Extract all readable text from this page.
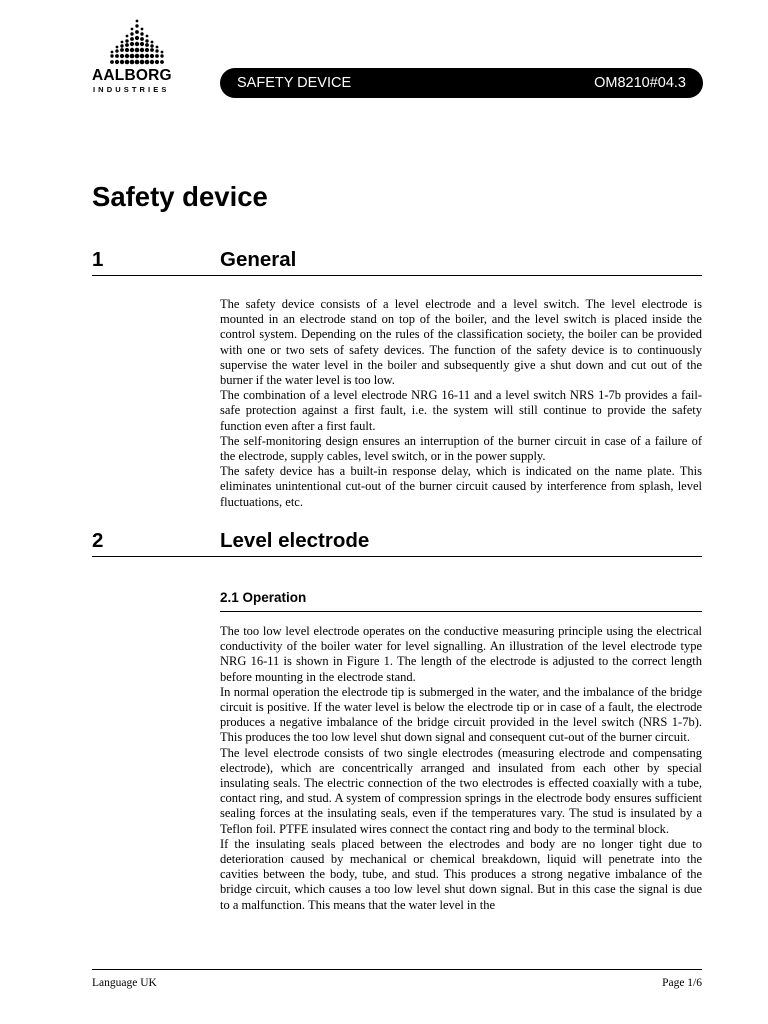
AALBORG
INDUSTRIES	SAFETY DEVICE	OM8210#04.3
Safety device
1	General

The safety device consists of a level electrode and a level switch. The level electrode is mounted in an electrode stand on top of the boiler, and the level switch is placed inside the control system. Depending on the rules of the classification society, the boiler can be provided with one or two sets of safety devices. The function of the safety device is to continuously supervise the water level in the boiler and subsequently give a shut down and cut out of the burner if the water level is too low.

The combination of a level electrode NRG 16-11 and a level switch NRS 1-7b provides a fail-safe protection against a first fault, i.e. the system will still continue to provide the safety function even after a first fault.

The self-monitoring design ensures an interruption of the burner circuit in case of a failure of the electrode, supply cables, level switch, or in the power supply.

The safety device has a built-in response delay, which is indicated on the name plate. This eliminates unintentional cut-out of the burner circuit caused by interference from splash, level fluctuations, etc.

2	Level electrode
2.1 Operation

The too low level electrode operates on the conductive measuring principle using the electrical conductivity of the boiler water for level signalling. An illustration of the level electrode type NRG 16-11 is shown in Figure 1. The length of the electrode is adjusted to the correct length before mounting in the electrode stand.

In normal operation the electrode tip is submerged in the water, and the imbalance of the bridge circuit is positive. If the water level is below the electrode tip or in case of a fault, the electrode produces a negative imbalance of the bridge circuit provided in the level switch (NRS 1-7b). This produces the too low level shut down signal and consequent cut-out of the burner circuit.

The level electrode consists of two single electrodes (measuring electrode and compensating electrode), which are concentrically arranged and insulated from each other by special insulating seals. The electric connection of the two electrodes is effected coaxially with a tube, contact ring, and stud. A system of compression springs in the electrode body ensures sufficient sealing forces at the insulating seals, even if the temperatures vary. The stud is insulated by a Teflon foil. PTFE insulated wires connect the contact ring and body to the terminal block.

If the insulating seals placed between the electrodes and body are no longer tight due to deterioration caused by mechanical or chemical breakdown, liquid will penetrate into the cavities between the body, tube, and stud. This produces a strong negative imbalance of the bridge circuit, which causes a too low level shut down signal. But in this case the signal is due to a malfunction. This means that the water level in the

Language UK	Page 1/6
